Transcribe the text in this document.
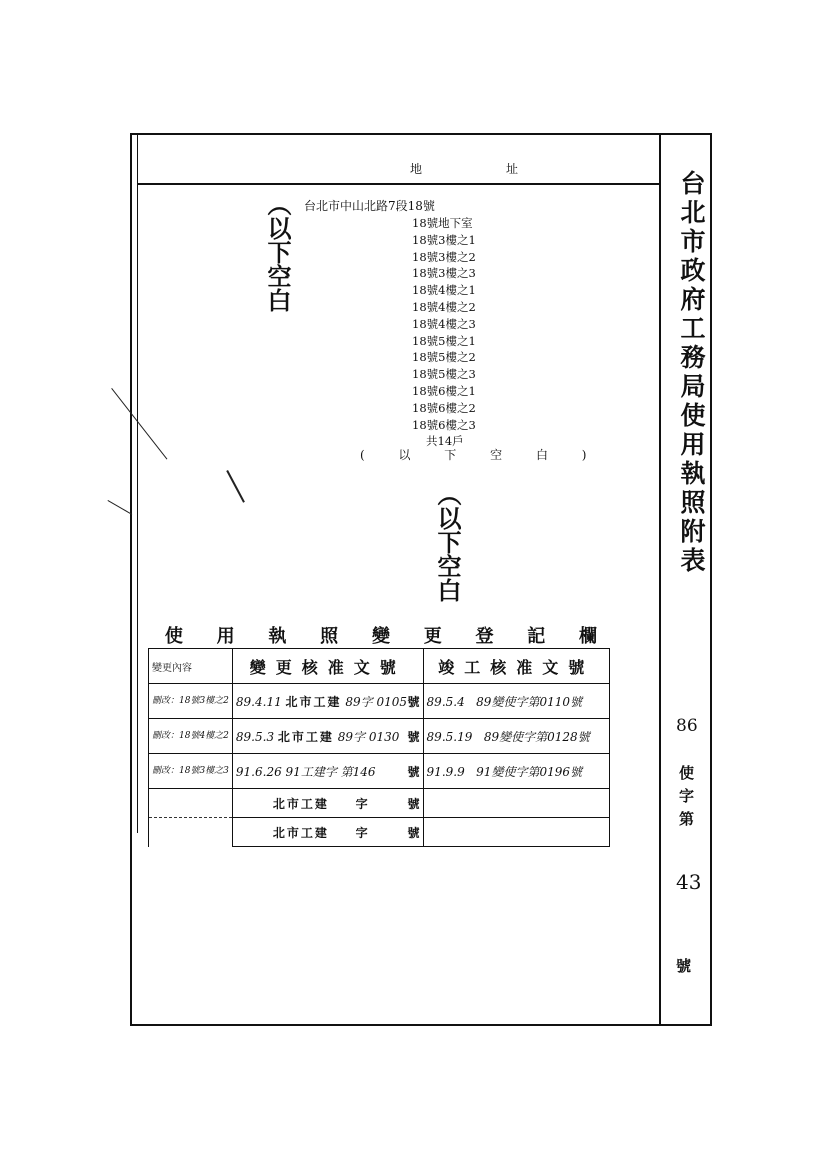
地	址
台北市中山北路7段18號
18號地下室
18號3樓之1
18號3樓之2
18號3樓之3
18號4樓之1
18號4樓之2
18號4樓之3
18號5樓之1
18號5樓之2
18號5樓之3
18號6樓之1
18號6樓之2
18號6樓之3
共14戶
( 以 下 空 白 )
︵以下空白
︵以下空白	台北市政府工務局使用執照附表
86
使字第
43
號
使 用 執 照 變 更 登 記 欄
變更內容	變更核准文號	竣工核准文號
刪改：18號3樓之2	89.4.11 北市工建 89字 0105 號	89.5.4 89變使字第0110號
刪改：18號4樓之2	89.5.3 北市工建 89字 0130 號	89.5.19 89變使字第0128號
刪改：18號3樓之3	91.6.26 91工建字 第146 號	91.9.9 91變使字第0196號
	北市工建 字 號	

	北市工建 字 號	
